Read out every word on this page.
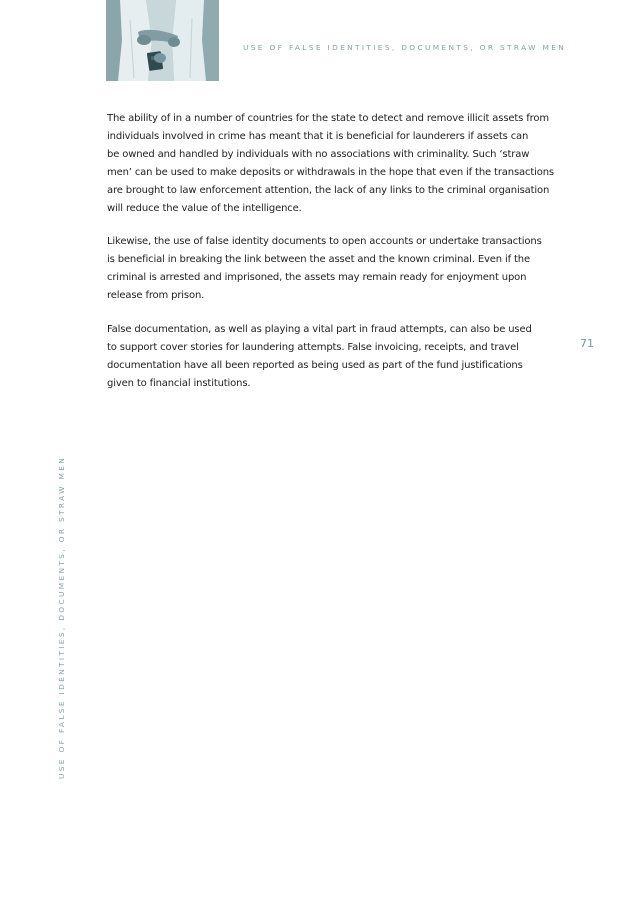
USE OF FALSE IDENTITIES, DOCUMENTS, OR STRAW MEN

The ability of in a number of countries for the state to detect and remove illicit assets from
individuals involved in crime has meant that it is beneficial for launderers if assets can
be owned and handled by individuals with no associations with criminality. Such ‘straw
men’ can be used to make deposits or withdrawals in the hope that even if the transactions
are brought to law enforcement attention, the lack of any links to the criminal organisation
will reduce the value of the intelligence.

Likewise, the use of false identity documents to open accounts or undertake transactions
is beneficial in breaking the link between the asset and the known criminal. Even if the
criminal is arrested and imprisoned, the assets may remain ready for enjoyment upon
release from prison.

False documentation, as well as playing a vital part in fraud attempts, can also be used
to support cover stories for laundering attempts. False invoicing, receipts, and travel
documentation have all been reported as being used as part of the fund justifications
given to financial institutions.

71
USE OF FALSE IDENTITIES, DOCUMENTS, OR STRAW MEN
